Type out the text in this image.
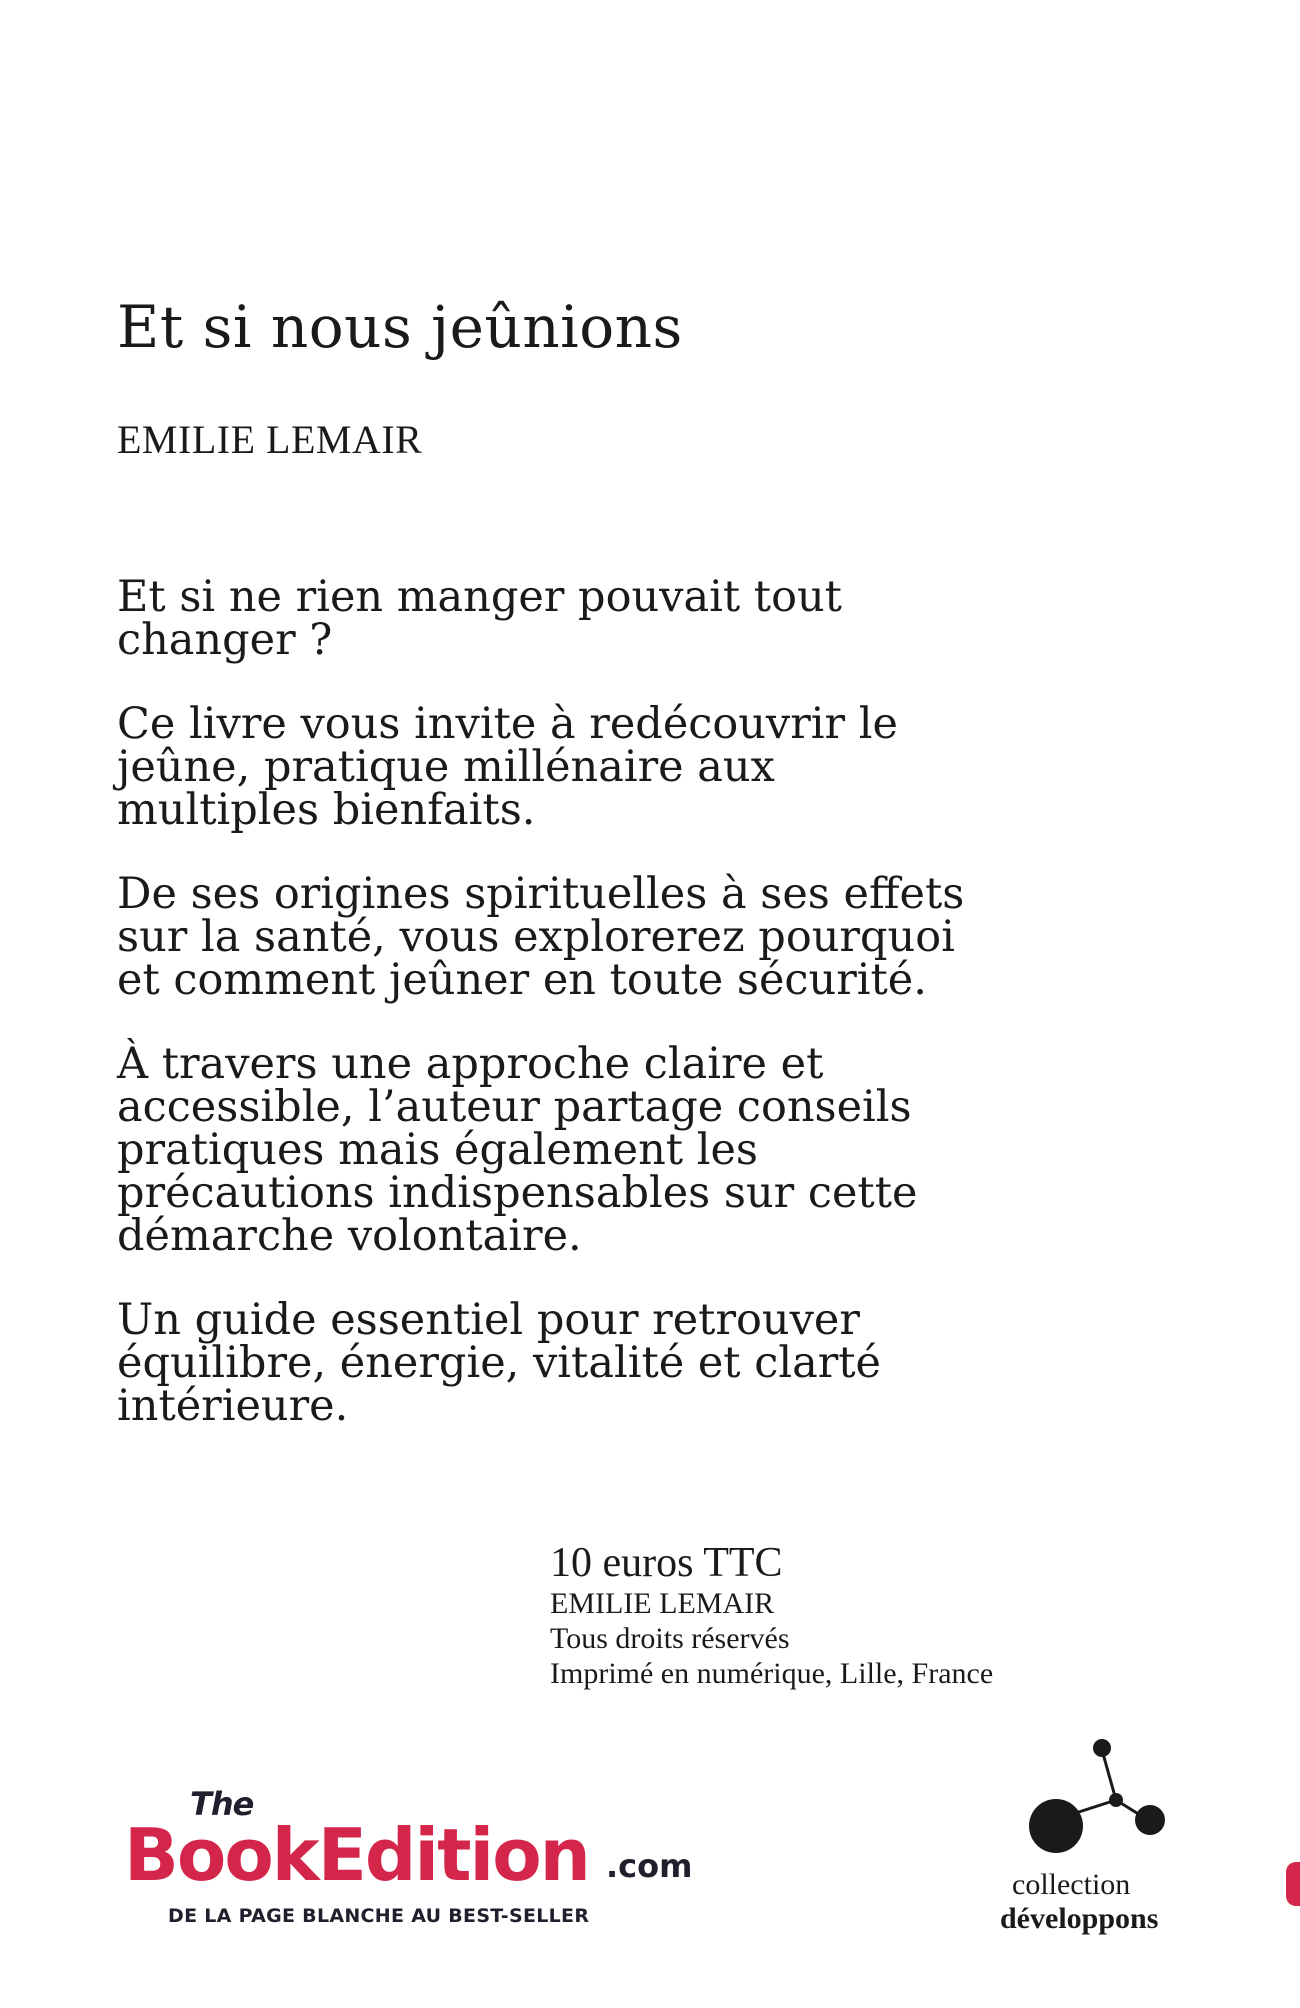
Et si nous jeûnions
EMILIE LEMAIR

Et si ne rien manger pouvait tout changer ?

Ce livre vous invite à redécouvrir le jeûne, pratique millénaire aux multiples bienfaits.

De ses origines spirituelles à ses effets sur la santé, vous explorerez pourquoi et comment jeûner en toute sécurité.

À travers une approche claire et accessible, l’auteur partage conseils pratiques mais également les précautions indispensables sur cette démarche volontaire.

Un guide essentiel pour retrouver équilibre, énergie, vitalité et clarté intérieure.

10 euros TTC
EMILIE LEMAIR
Tous droits réservés
Imprimé en numérique, Lille, France
The
BookEdition .com
DE LA PAGE BLANCHE AU BEST-SELLER
collection
développons
